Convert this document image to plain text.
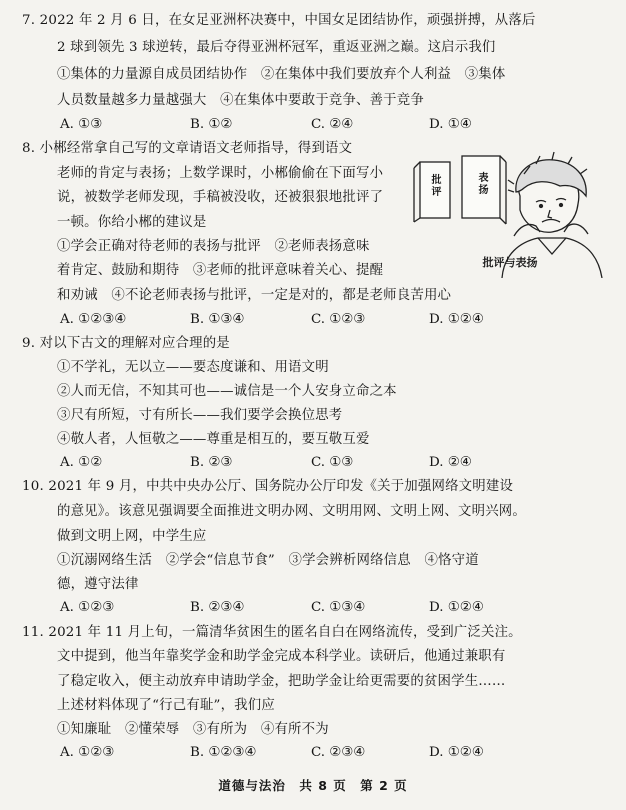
7. 2022 年 2 月 6 日，在女足亚洲杯决赛中，中国女足团结协作，顽强拼搏，从落后
2 球到领先 3 球逆转，最后夺得亚洲杯冠军，重返亚洲之巅。这启示我们
①集体的力量源自成员团结协作　②在集体中我们要放弃个人利益　③集体
人员数量越多力量越强大　④在集体中要敢于竞争、善于竞争
A. ①③	B. ①②	C. ②④	D. ①④
8. 小郴经常拿自己写的文章请语文老师指导，得到语文
老师的肯定与表扬；上数学课时，小郴偷偷在下面写小
说，被数学老师发现，手稿被没收，还被狠狠地批评了
一顿。你给小郴的建议是
①学会正确对待老师的表扬与批评　②老师表扬意味
着肯定、鼓励和期待　③老师的批评意味着关心、提醒
和劝诫　④不论老师表扬与批评，一定是对的，都是老师良苦用心
批评	表扬
批评与表扬
A. ①②③④	B. ①③④	C. ①②③	D. ①②④
9. 对以下古文的理解对应合理的是
①不学礼，无以立——要态度谦和、用语文明
②人而无信，不知其可也——诚信是一个人安身立命之本
③尺有所短，寸有所长——我们要学会换位思考
④敬人者，人恒敬之——尊重是相互的，要互敬互爱
A. ①②	B. ②③	C. ①③	D. ②④
10. 2021 年 9 月，中共中央办公厅、国务院办公厅印发《关于加强网络文明建设
的意见》。该意见强调要全面推进文明办网、文明用网、文明上网、文明兴网。
做到文明上网，中学生应
①沉溺网络生活　②学会“信息节食”　③学会辨析网络信息　④恪守道
德，遵守法律
A. ①②③	B. ②③④	C. ①③④	D. ①②④
11. 2021 年 11 月上旬，一篇清华贫困生的匿名自白在网络流传，受到广泛关注。
文中提到，他当年靠奖学金和助学金完成本科学业。读研后，他通过兼职有
了稳定收入，便主动放弃申请助学金，把助学金让给更需要的贫困学生……
上述材料体现了“行己有耻”，我们应
①知廉耻　②懂荣辱　③有所为　④有所不为
A. ①②③	B. ①②③④	C. ②③④	D. ①②④
道德与法治　共 8 页　第 2 页
